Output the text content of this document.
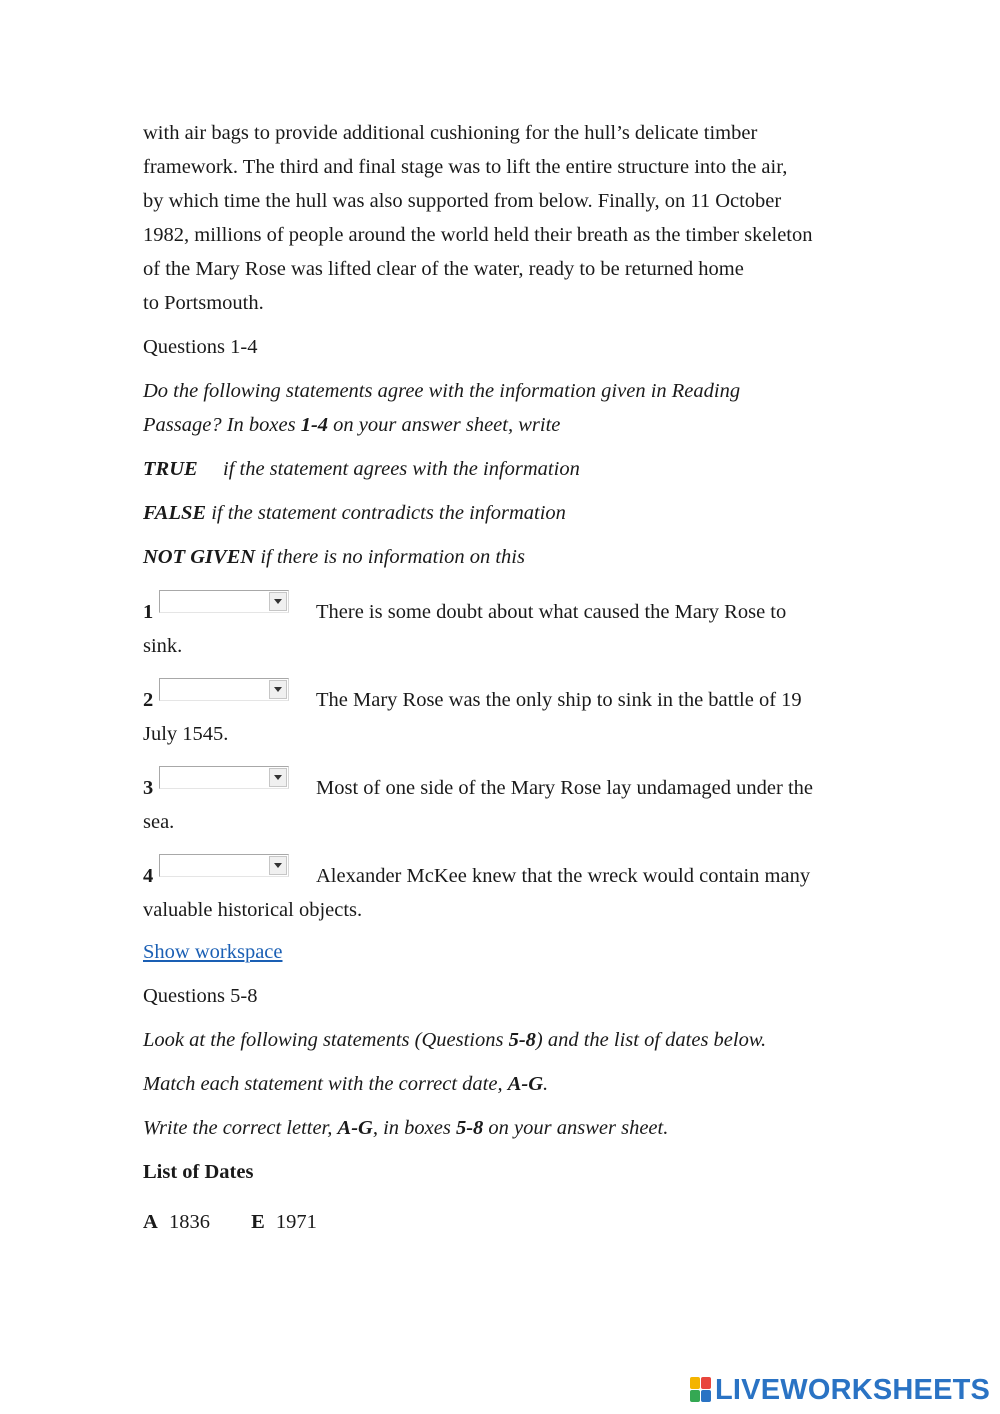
with air bags to provide additional cushioning for the hull’s delicate timber
framework. The third and final stage was to lift the entire structure into the air,
by which time the hull was also supported from below. Finally, on 11 October
1982, millions of people around the world held their breath as the timber skeleton
of the Mary Rose was lifted clear of the water, ready to be returned home
to Portsmouth.

Questions 1-4
Do the following statements agree with the information given in Reading
Passage? In boxes 1-4 on your answer sheet, write
TRUE if the statement agrees with the information
FALSE if the statement contradicts the information
NOT GIVEN if there is no information on this
1	There is some doubt about what caused the Mary Rose to
sink.
2	The Mary Rose was the only ship to sink in the battle of 19
July 1545.
3	Most of one side of the Mary Rose lay undamaged under the
sea.
4	Alexander McKee knew that the wreck would contain many
valuable historical objects.
Show workspace
Questions 5-8
Look at the following statements (Questions 5-8) and the list of dates below.
Match each statement with the correct date, A-G.
Write the correct letter, A-G, in boxes 5-8 on your answer sheet.
List of Dates
A 1836 E 1971
LIVEWORKSHEETS
